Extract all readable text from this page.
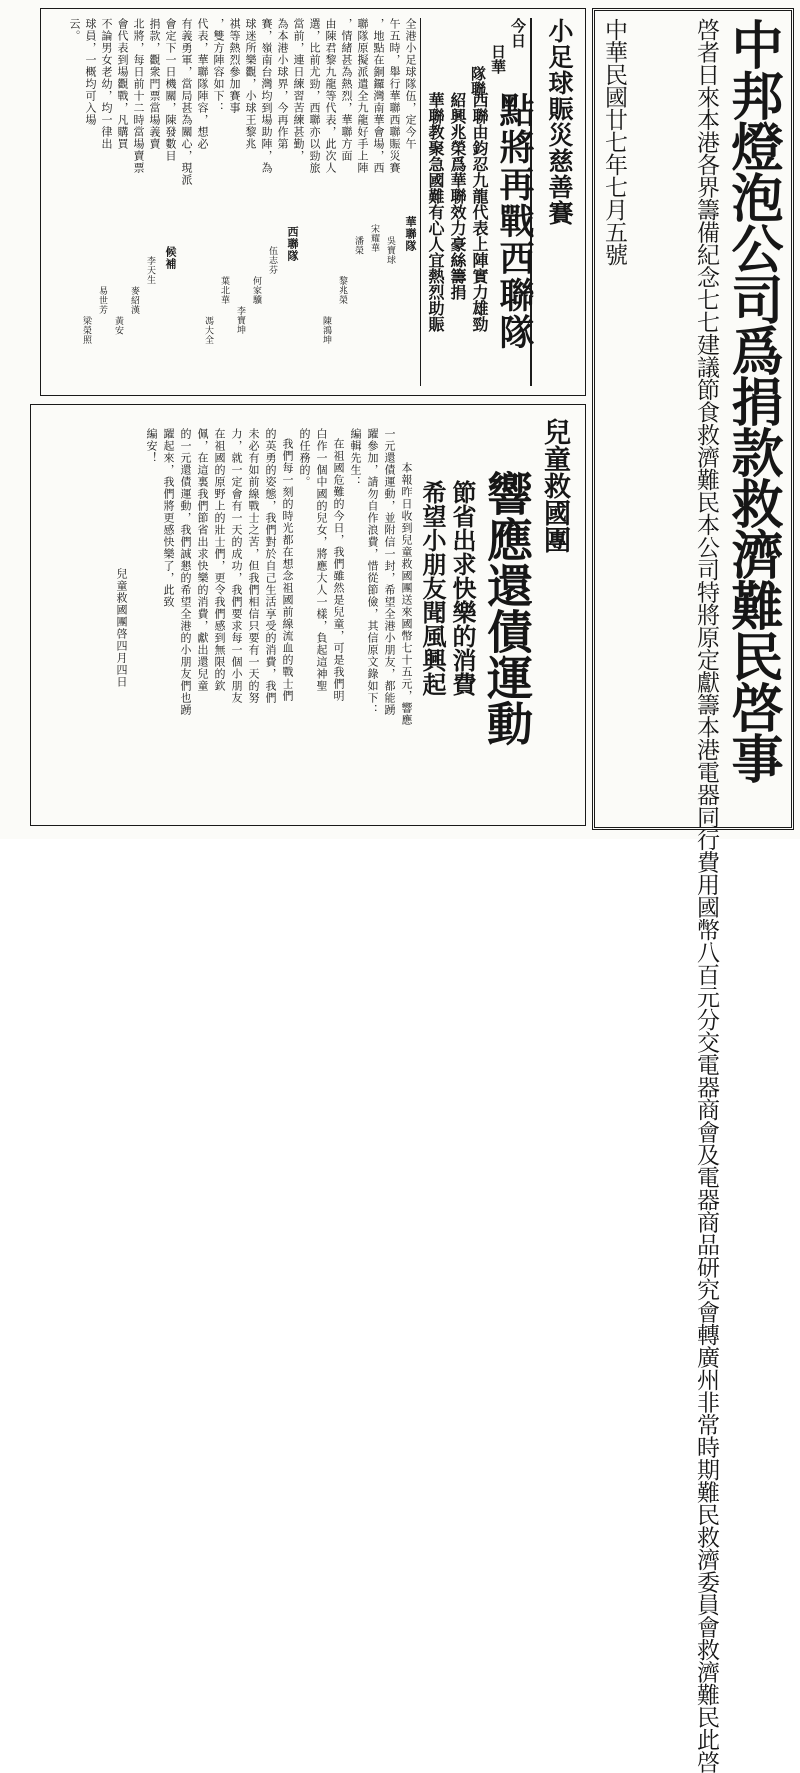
中邦燈泡公司爲捐款救濟難民啓事
啓者日來本港各界籌備紀念七七建議節食救濟難民本公司特將原定獻籌本港電器同行費用國幣八百元分交電器商會及電器商品研究會轉廣州非常時期難民救濟委員會救濟難民此啓
中華民國廿七年七月五號
小足球賑災慈善賽
今日
日華
隊聯
點將再戰西聯隊
西聯由鈞忍九龍代表上陣實力雄勁
紹興兆榮爲華聯效力豪絲籌捐
華聯教聚急國難有心人宜熱烈助賑
全港小足球隊伍，定今午
午五時，舉行華聯西聯賑災賽
，地點在銅鑼灣南華會場，西
聯隊原擬派遣全九龍好手上陣
，情緒甚為熱烈，華聯方面
由陳君黎九龍等代表，此次人
選，比前尤勁，西聯亦以勁旅
當前，連日練習苦練甚勤，
為本港小球界，今再作第
賽，嶺南台灣均到場助陣，為
球迷所樂觀，小球王黎兆
祺等熱烈參加賽事
，雙方陣容如下：
代表，華聯隊陣容，想必
有義勇軍，當局甚為關心，現派
會定下一日機關，陳發數目
捐款，觀衆門票當場義賣
北將，每日前十二時當場賣票
會代表到場觀戰，凡購買
不論男女老幼，均一律出
球員，一概均可入場
云。
華聯隊
吳寶球
宋耀華
潘榮
黎兆榮
陳鴻坤
西聯隊
伍志芬
何家驥
李寶坤
葉北華
馮大全
候補
李天生
麥紹漢
黃安
易世芳
梁榮照
兒童救國團
響應還債運動
節省出求快樂的消費
希望小朋友聞風興起
本報昨日收到兒童救國團送來國幣七十五元，響應
一元還債運動，並附信一封，希望全港小朋友，都能踴
躍參加，請勿自作浪費，惜從節儉，其信原文錄如下：
編輯先生：
在祖國危難的今日，我們雖然是兒童，可是我們明
白作一個中國的兒女，將應大人一樣，負起這神聖
的任務的。
我們每一刻的時光都在想念祖國前線流血的戰士們
的英勇的姿態，我們對於自己生活享受的消費，我們
未必有如前線戰士之苦，但我們相信只要有一天的努
力，就一定會有一天的成功，我們要求每一個小朋友
在祖國的原野上的壯士們，更令我們感到無限的欽
佩，在這裏我們節省出求快樂的消費，獻出還兒童
的一元還債運動，我們誠懇的希望全港的小朋友們也踴
躍起來，我們將更感快樂了，此致
編安！
兒童救國團啓四月四日
